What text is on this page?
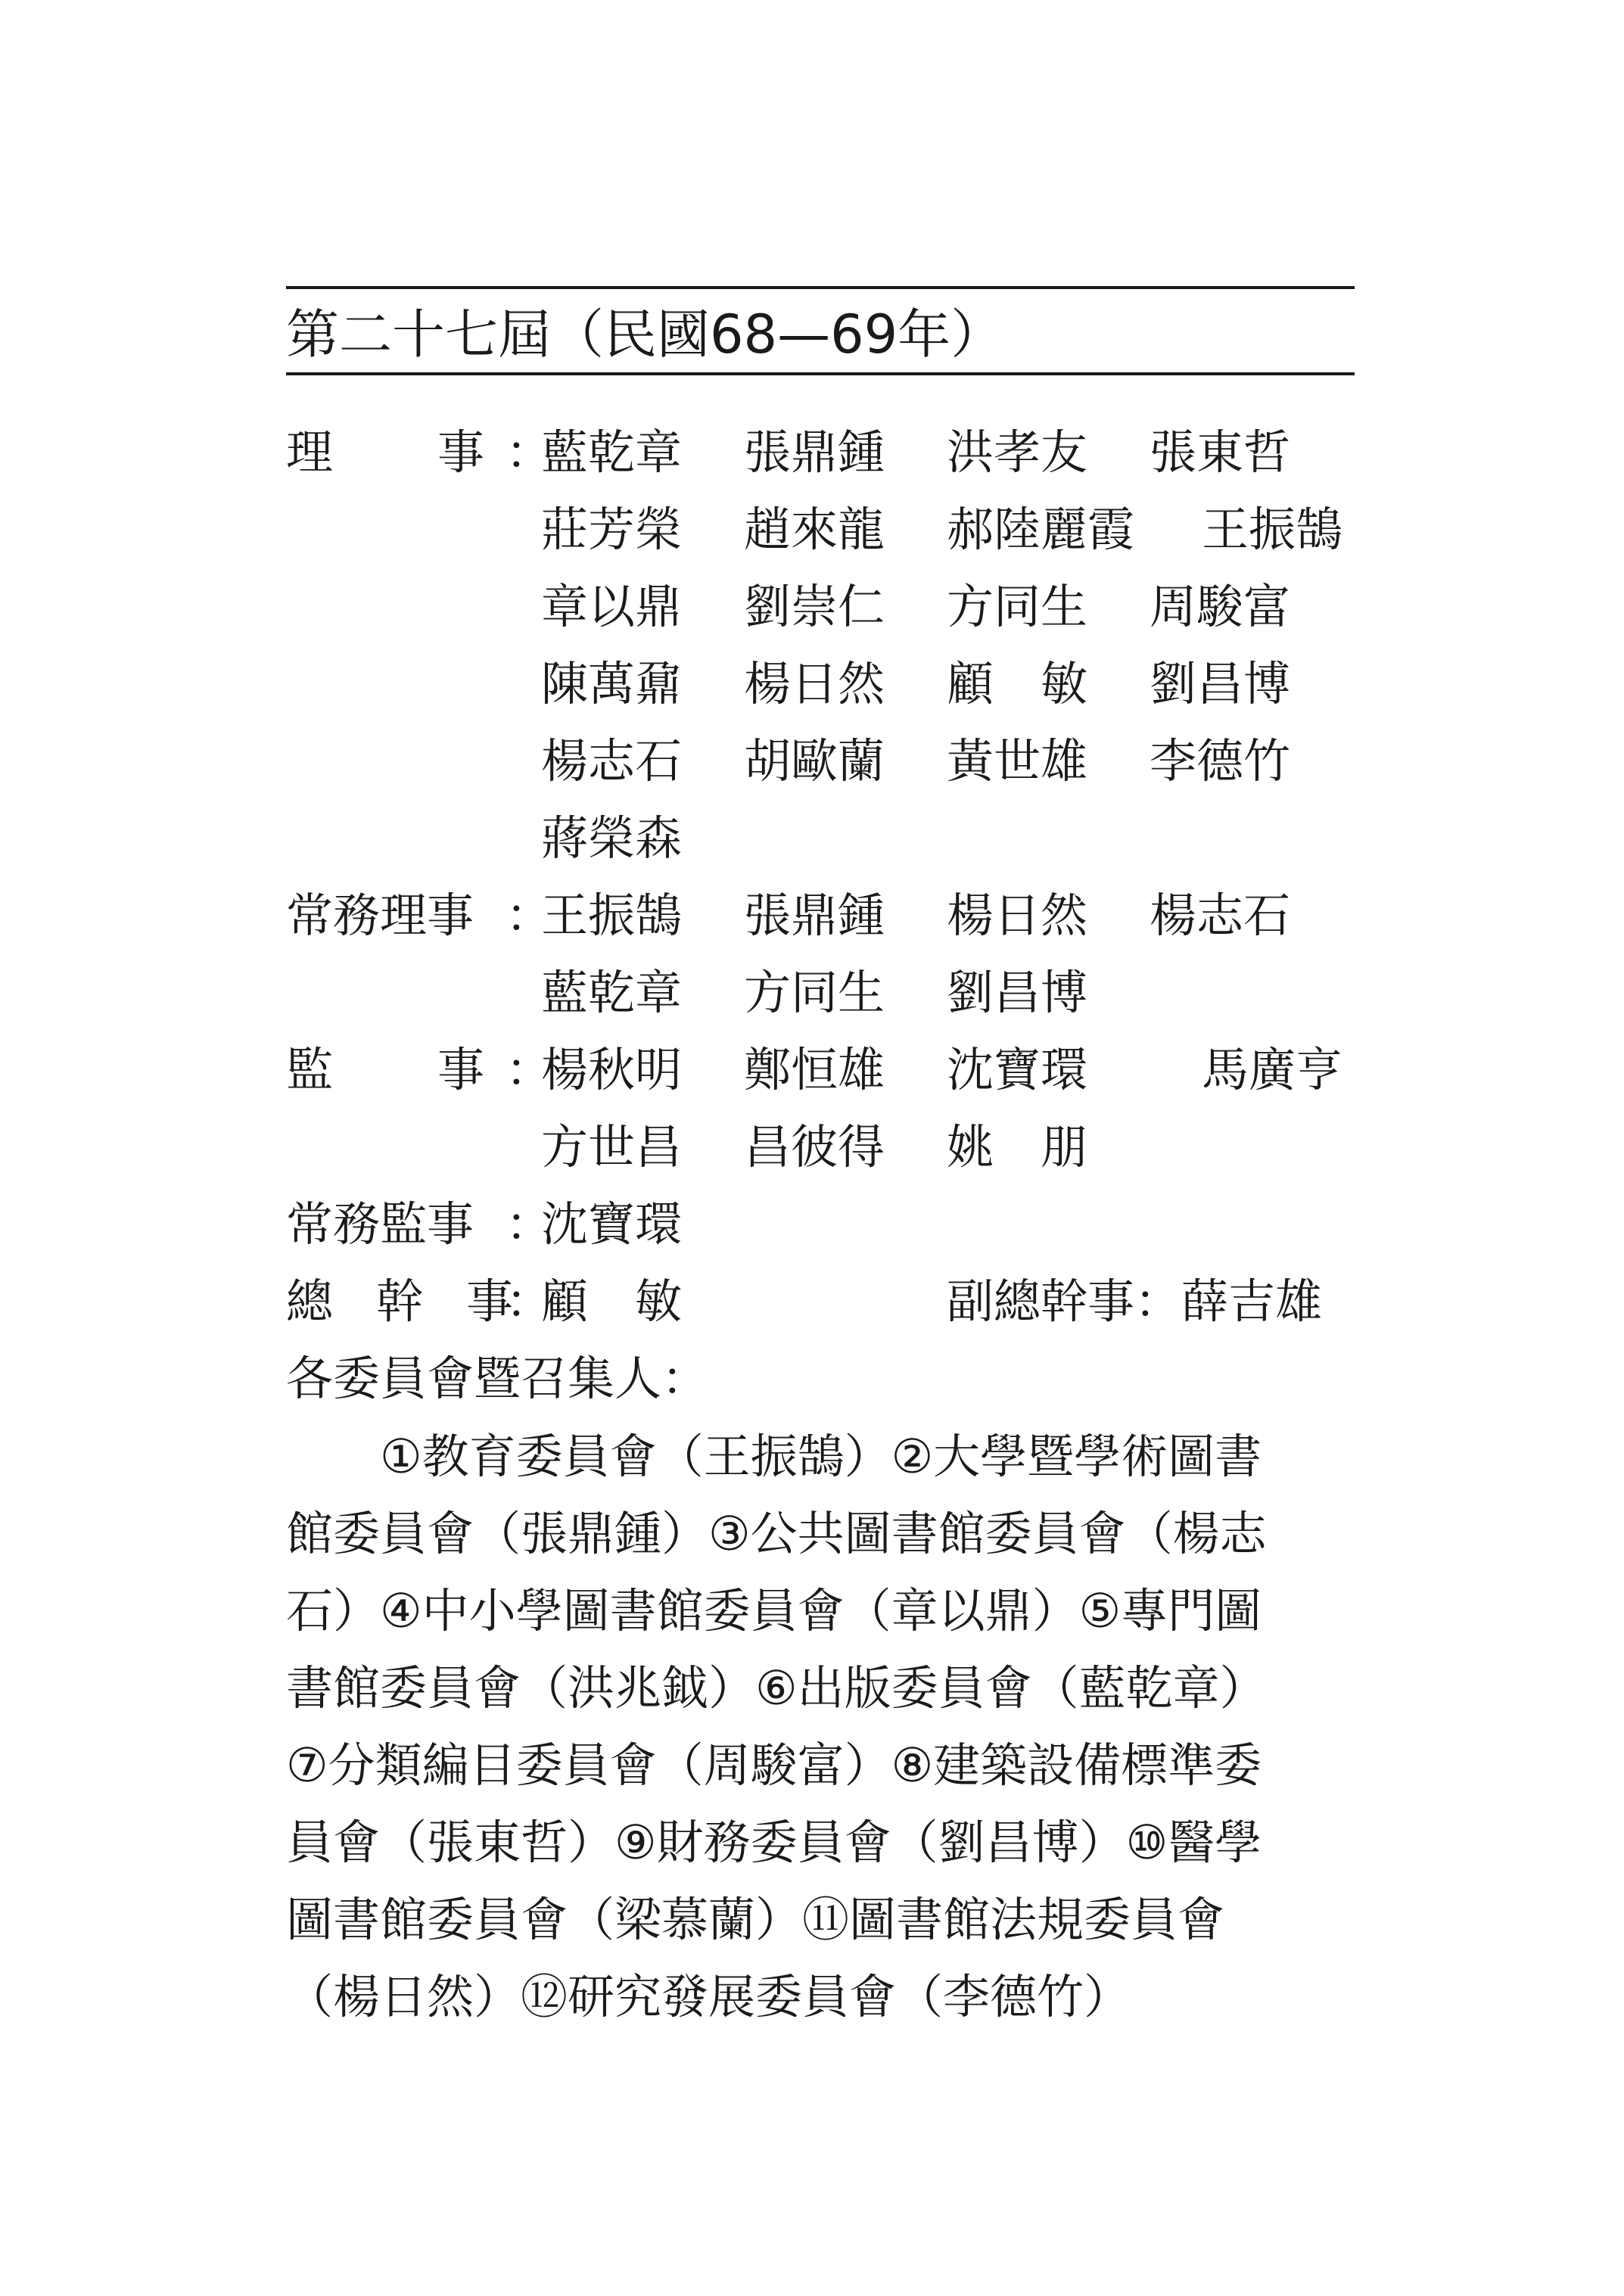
第二十七屆（民國68—69年）
理 事 ：
藍乾章 張鼎鍾 洪孝友 張東哲
莊芳榮 趙來龍 郝陸麗霞 王振鵠
章以鼎 劉崇仁 方同生 周駿富
陳萬鼐 楊日然 顧　敏 劉昌博
楊志石 胡歐蘭 黃世雄 李德竹
蔣榮森
常務理事 ：
王振鵠 張鼎鍾 楊日然 楊志石
藍乾章 方同生 劉昌博
監 事 ：
楊秋明 鄭恒雄 沈寶環 馬廣亨
方世昌 昌彼得 姚　朋
常務監事 ：
沈寶環
總 幹 事
：
顧　敏	副總幹事：薛吉雄
各委員會暨召集人：
①教育委員會（王振鵠）②大學暨學術圖書
館委員會（張鼎鍾）③公共圖書館委員會（楊志
石）④中小學圖書館委員會（章以鼎）⑤專門圖
書館委員會（洪兆鉞）⑥出版委員會（藍乾章）
⑦分類編目委員會（周駿富）⑧建築設備標準委
員會（張東哲）⑨財務委員會（劉昌博）⑩醫學
圖書館委員會（梁慕蘭）⑪圖書館法規委員會
（楊日然）⑫研究發展委員會（李德竹）
